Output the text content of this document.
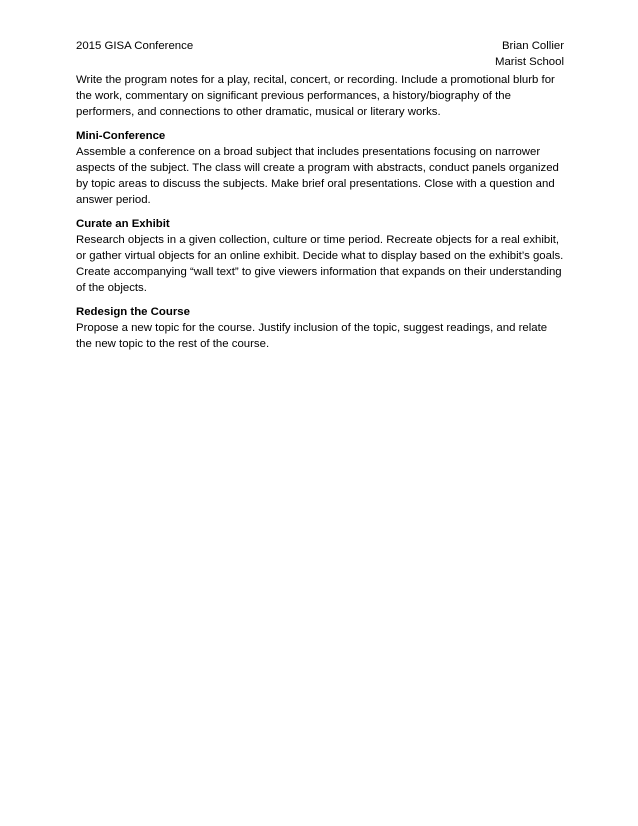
2015 GISA Conference	Brian Collier
Marist School

Write the program notes for a play, recital, concert, or recording. Include a promotional blurb for the work, commentary on significant previous performances, a history/biography of the performers, and connections to other dramatic, musical or literary works.

Mini-Conference

Assemble a conference on a broad subject that includes presentations focusing on narrower aspects of the subject. The class will create a program with abstracts, conduct panels organized by topic areas to discuss the subjects. Make brief oral presentations. Close with a question and answer period.

Curate an Exhibit

Research objects in a given collection, culture or time period. Recreate objects for a real exhibit, or gather virtual objects for an online exhibit. Decide what to display based on the exhibit’s goals. Create accompanying “wall text” to give viewers information that expands on their understanding of the objects.

Redesign the Course

Propose a new topic for the course. Justify inclusion of the topic, suggest readings, and relate the new topic to the rest of the course.
